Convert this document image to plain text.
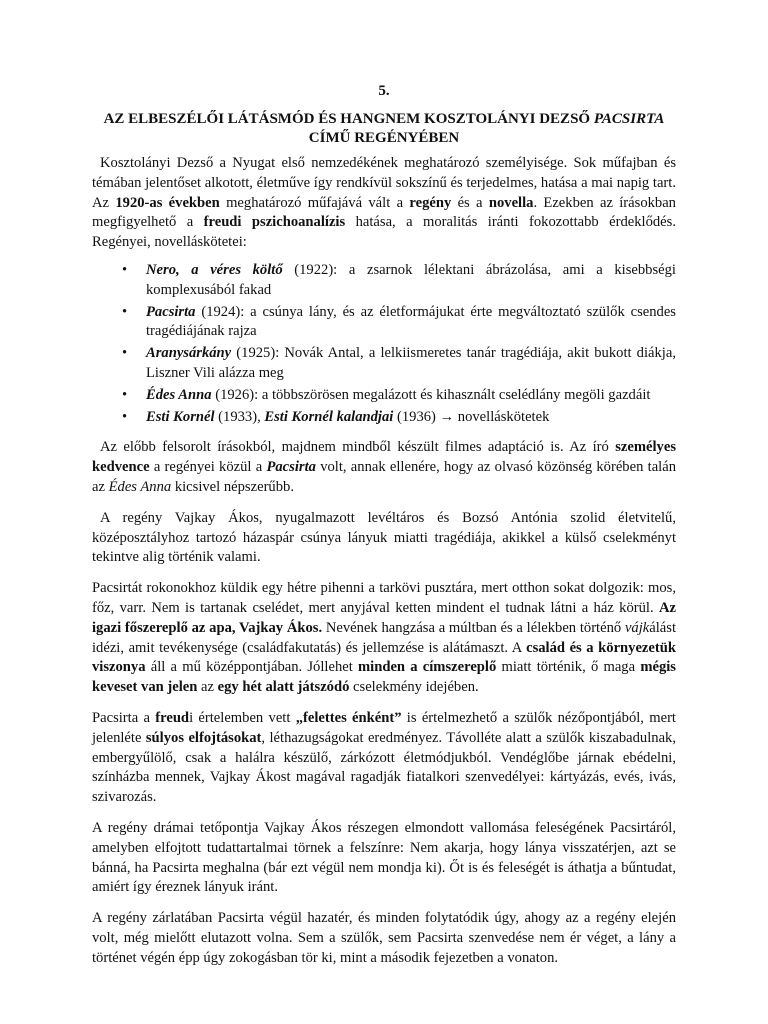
5.
AZ ELBESZÉLŐI LÁTÁSMÓD ÉS HANGNEM KOSZTOLÁNYI DEZSŐ PACSIRTA
CÍMŰ REGÉNYÉBEN

Kosztolányi Dezső a Nyugat első nemzedékének meghatározó személyisége. Sok műfajban és témában jelentőset alkotott, életműve így rendkívül sokszínű és terjedelmes, hatása a mai napig tart. Az 1920-as években meghatározó műfajává vált a regény és a novella. Ezekben az írásokban megfigyelhető a freudi pszichoanalízis hatása, a moralitás iránti fokozottabb érdeklődés. Regényei, novelláskötetei:

• Nero, a véres költő (1922): a zsarnok lélektani ábrázolása, ami a kisebbségi komplexusából fakad
• Pacsirta (1924): a csúnya lány, és az életformájukat érte megváltoztató szülők csendes tragédiájának rajza
• Aranysárkány (1925): Novák Antal, a lelkiismeretes tanár tragédiája, akit bukott diákja, Liszner Vili alázza meg
• Édes Anna (1926): a többszörösen megalázott és kihasznált cselédlány megöli gazdáit
• Esti Kornél (1933), Esti Kornél kalandjai (1936) → novelláskötetek

Az előbb felsorolt írásokból, majdnem mindből készült filmes adaptáció is. Az író személyes kedvence a regényei közül a Pacsirta volt, annak ellenére, hogy az olvasó közönség körében talán az Édes Anna kicsivel népszerűbb.

A regény Vajkay Ákos, nyugalmazott levéltáros és Bozsó Antónia szolid életvitelű, középosztályhoz tartozó házaspár csúnya lányuk miatti tragédiája, akikkel a külső cselekményt tekintve alig történik valami.

Pacsirtát rokonokhoz küldik egy hétre pihenni a tarkövi pusztára, mert otthon sokat dolgozik: mos, főz, varr. Nem is tartanak cselédet, mert anyjával ketten mindent el tudnak látni a ház körül. Az igazi főszereplő az apa, Vajkay Ákos. Nevének hangzása a múltban és a lélekben történő vájkálást idézi, amit tevékenysége (családfakutatás) és jellemzése is alátámaszt. A család és a környezetük viszonya áll a mű középpontjában. Jóllehet minden a címszereplő miatt történik, ő maga mégis keveset van jelen az egy hét alatt játszódó cselekmény idejében.

Pacsirta a freudi értelemben vett „felettes énként” is értelmezhető a szülők nézőpontjából, mert jelenléte súlyos elfojtásokat, léthazugságokat eredményez. Távolléte alatt a szülők kiszabadulnak, embergyűlölő, csak a halálra készülő, zárkózott életmódjukból. Vendéglőbe járnak ebédelni, színházba mennek, Vajkay Ákost magával ragadják fiatalkori szenvedélyei: kártyázás, evés, ivás, szivarozás.

A regény drámai tetőpontja Vajkay Ákos részegen elmondott vallomása feleségének Pacsirtáról, amelyben elfojtott tudattartalmai törnek a felszínre: Nem akarja, hogy lánya visszatérjen, azt se bánná, ha Pacsirta meghalna (bár ezt végül nem mondja ki). Őt is és feleségét is áthatja a bűntudat, amiért így éreznek lányuk iránt.

A regény zárlatában Pacsirta végül hazatér, és minden folytatódik úgy, ahogy az a regény elején volt, még mielőtt elutazott volna. Sem a szülők, sem Pacsirta szenvedése nem ér véget, a lány a történet végén épp úgy zokogásban tör ki, mint a második fejezetben a vonaton.
